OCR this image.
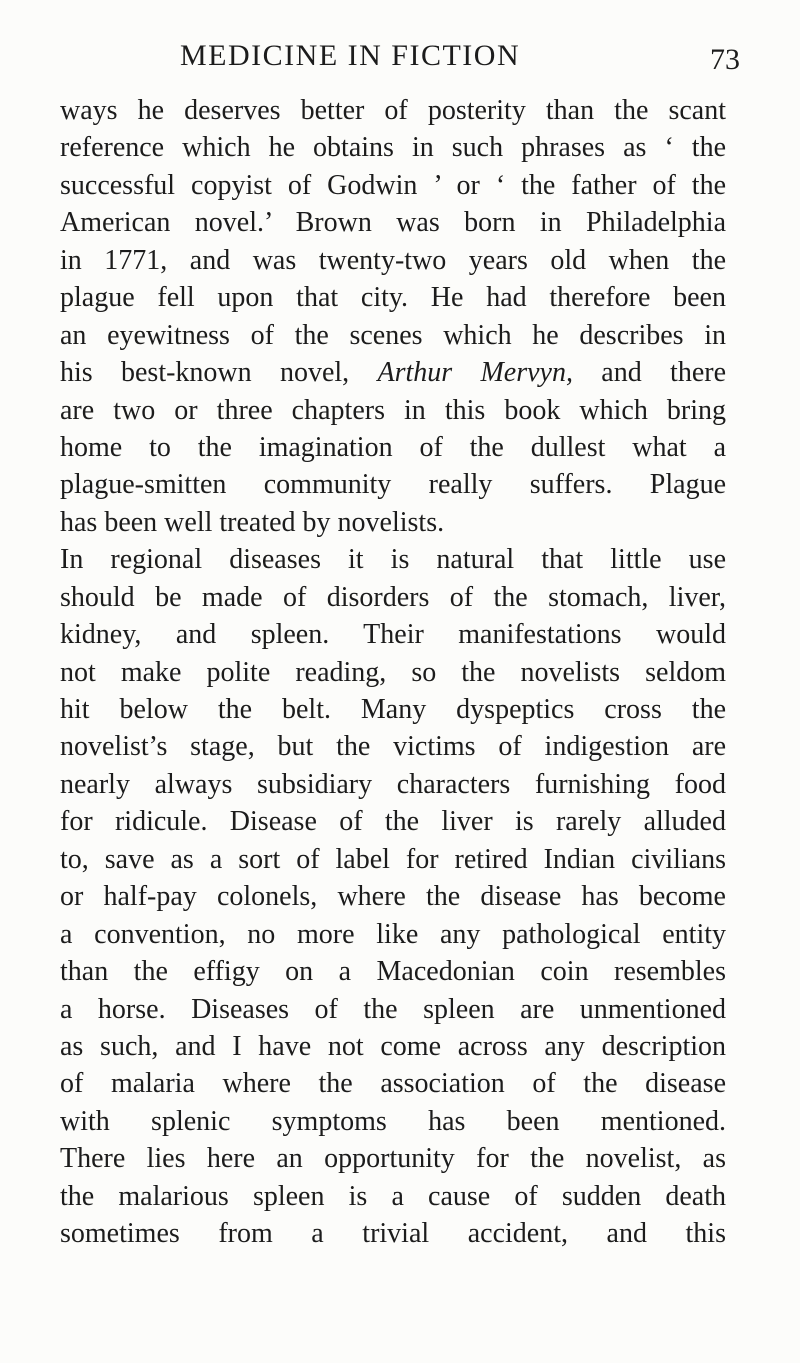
MEDICINE IN FICTION	73
ways he deserves better of posterity than the scant
reference which he obtains in such phrases as ‘ the
successful copyist of Godwin ’ or ‘ the father of the
American novel.’ Brown was born in Philadelphia
in 1771, and was twenty-two years old when the
plague fell upon that city. He had therefore been
an eyewitness of the scenes which he describes in
his best-known novel, Arthur Mervyn, and there
are two or three chapters in this book which bring
home to the imagination of the dullest what a
plague-smitten community really suffers. Plague
has been well treated by novelists.
In regional diseases it is natural that little use
should be made of disorders of the stomach, liver,
kidney, and spleen. Their manifestations would
not make polite reading, so the novelists seldom
hit below the belt. Many dyspeptics cross the
novelist’s stage, but the victims of indigestion are
nearly always subsidiary characters furnishing food
for ridicule. Disease of the liver is rarely alluded
to, save as a sort of label for retired Indian civilians
or half-pay colonels, where the disease has become
a convention, no more like any pathological entity
than the effigy on a Macedonian coin resembles
a horse. Diseases of the spleen are unmentioned
as such, and I have not come across any description
of malaria where the association of the disease
with splenic symptoms has been mentioned.
There lies here an opportunity for the novelist, as
the malarious spleen is a cause of sudden death
sometimes from a trivial accident, and this
